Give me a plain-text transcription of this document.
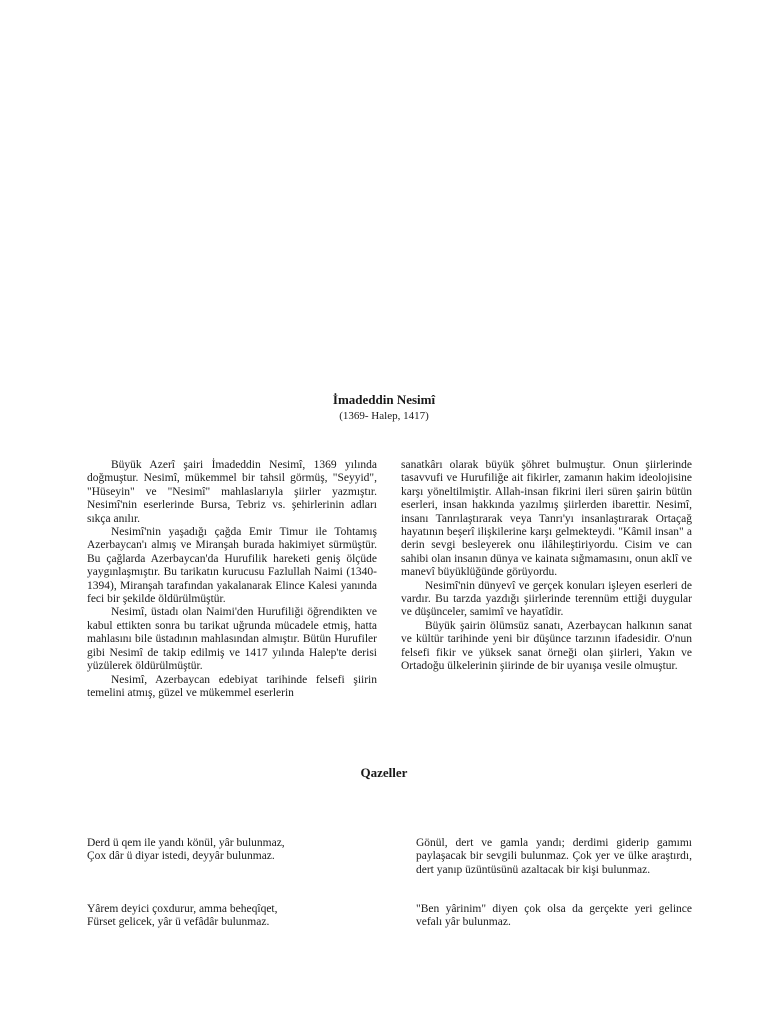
İmadeddin Nesimî
(1369- Halep, 1417)

Büyük Azerî şairi İmadeddin Nesimî, 1369 yılında doğmuştur. Nesimî, mükemmel bir tahsil görmüş, "Seyyid", "Hüseyin" ve "Nesimî" mahlaslarıyla şiirler yazmıştır. Nesimî'nin eserlerinde Bursa, Tebriz vs. şehirlerinin adları sıkça anılır.

Nesimî'nin yaşadığı çağda Emir Timur ile Tohtamış Azerbaycan'ı almış ve Miranşah burada hakimiyet sürmüştür. Bu çağlarda Azerbaycan'da Hurufilik hareketi geniş ölçüde yaygınlaşmıştır. Bu tarikatın kurucusu Fazlullah Naimi (1340-1394), Miranşah tarafından yakalanarak Elince Kalesi yanında feci bir şekilde öldürülmüştür.

Nesimî, üstadı olan Naimi'den Hurufiliği öğrendikten ve kabul ettikten sonra bu tarikat uğrunda mücadele etmiş, hatta mahlasını bile üstadının mahlasından almıştır. Bütün Hurufiler gibi Nesimî de takip edilmiş ve 1417 yılında Halep'te derisi yüzülerek öldürülmüştür.

Nesimî, Azerbaycan edebiyat tarihinde felsefi şiirin temelini atmış, güzel ve mükemmel eserlerin

sanatkârı olarak büyük şöhret bulmuştur. Onun şiirlerinde tasavvufi ve Hurufiliğe ait fikirler, zamanın hakim ideolojisine karşı yöneltilmiştir. Allah-insan fikrini ileri süren şairin bütün eserleri, insan hakkında yazılmış şiirlerden ibarettir. Nesimî, insanı Tanrılaştırarak veya Tanrı'yı insanlaştırarak Ortaçağ hayatının beşerî ilişkilerine karşı gelmekteydi. "Kâmil insan" a derin sevgi besleyerek onu ilâhileştiriyordu. Cisim ve can sahibi olan insanın dünya ve kainata sığmamasını, onun aklî ve manevî büyüklüğünde görüyordu.

Nesimî'nin dünyevî ve gerçek konuları işleyen eserleri de vardır. Bu tarzda yazdığı şiirlerinde terennüm ettiği duygular ve düşünceler, samimî ve hayatîdir.

Büyük şairin ölümsüz sanatı, Azerbaycan halkının sanat ve kültür tarihinde yeni bir düşünce tarzının ifadesidir. O'nun felsefi fikir ve yüksek sanat örneği olan şiirleri, Yakın ve Ortadoğu ülkelerinin şiirinde de bir uyanışa vesile olmuştur.

Qazeller

Derd ü qem ile yandı könül, yâr bulunmaz,

Çox dâr ü diyar istedi, deyyâr bulunmaz.

Yârem deyici çoxdurur, amma beheqîqet,

Fürset gelicek, yâr ü vefâdâr bulunmaz.

Gönül, dert ve gamla yandı; derdimi giderip gamımı paylaşacak bir sevgili bulunmaz. Çok yer ve ülke araştırdı, dert yanıp üzüntüsünü azaltacak bir kişi bulunmaz.

"Ben yârinim" diyen çok olsa da gerçekte yeri gelince vefalı yâr bulunmaz.
